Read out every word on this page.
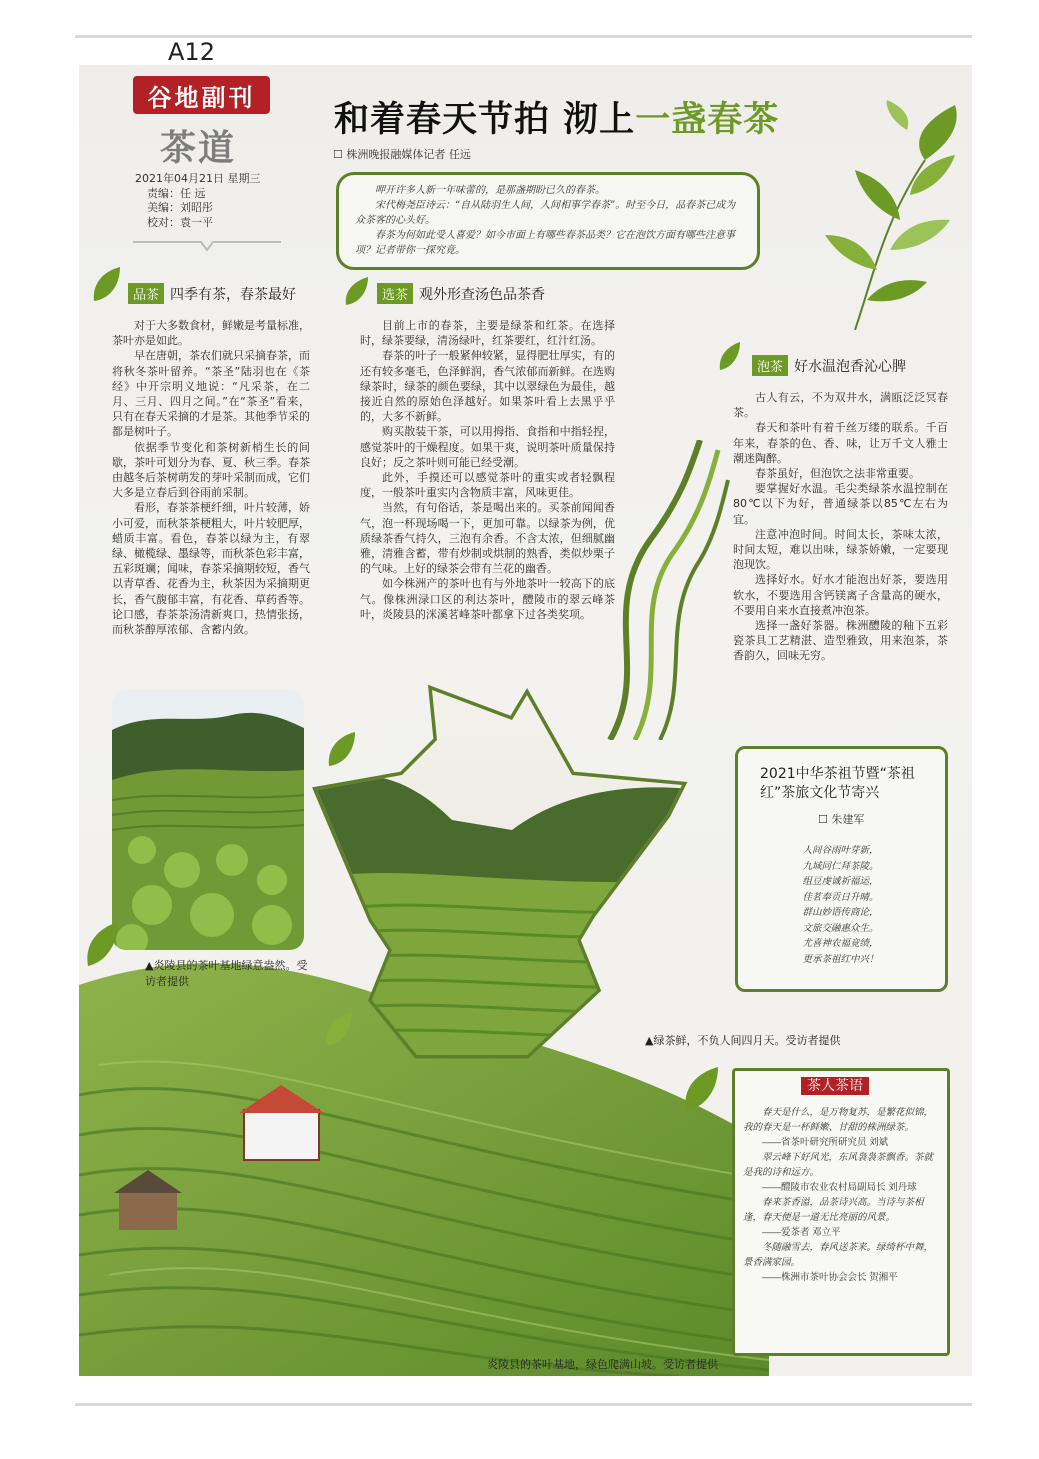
A12
谷地副刊
茶道
2021年04月21日 星期三
责编：任 远
美编：刘昭彤
校对：袁一平
和着春天节拍 沏上一盏春茶
☐ 株洲晚报融媒体记者 任远

呷开许多人新一年味蕾的，是那盏期盼已久的春茶。

宋代梅尧臣诗云：“自从陆羽生人间，人间相事学春茶”。时至今日，品春茶已成为众茶客的心头好。

春茶为何如此受人喜爱？如今市面上有哪些春茶品类？它在泡饮方面有哪些注意事项？记者带你一探究竟。

品茶 四季有茶，春茶最好

对于大多数食材，鲜嫩是考量标准，茶叶亦是如此。

早在唐朝，茶农们就只采摘春茶，而将秋冬茶叶留养。“茶圣”陆羽也在《茶经》中开宗明义地说：“凡采茶，在二月、三月、四月之间。”在“茶圣”看来，只有在春天采摘的才是茶。其他季节采的都是树叶子。

依据季节变化和茶树新梢生长的间歇，茶叶可划分为春、夏、秋三季。春茶由越冬后茶树萌发的芽叶采制而成，它们大多是立春后到谷雨前采制。

看形，春茶茶梗纤细，叶片较薄，娇小可爱，而秋茶茶梗粗大，叶片较肥厚，蜡质丰富。看色，春茶以绿为主，有翠绿、橄榄绿、墨绿等，而秋茶色彩丰富，五彩斑斓；闻味，春茶采摘期较短，香气以青草香、花香为主，秋茶因为采摘期更长，香气馥郁丰富，有花香、草药香等。论口感，春茶茶汤清新爽口，热情张扬，而秋茶醇厚浓郁、含蓄内敛。

选茶 观外形查汤色品茶香

目前上市的春茶，主要是绿茶和红茶。在选择时，绿茶要绿，清汤绿叶，红茶要红，红汁红汤。

春茶的叶子一般紧伸较紧，显得肥壮厚实，有的还有较多毫毛，色泽鲜润，香气浓郁而新鲜。在选购绿茶时，绿茶的颜色要绿，其中以翠绿色为最佳，越接近自然的原始色泽越好。如果茶叶看上去黑乎乎的，大多不新鲜。

购买散装干茶，可以用拇指、食指和中指轻捏，感觉茶叶的干燥程度。如果干爽，说明茶叶质量保持良好；反之茶叶则可能已经受潮。

此外，手摸还可以感觉茶叶的重实或者轻飘程度，一般茶叶重实内含物质丰富，风味更佳。

当然，有句俗话，茶是喝出来的。买茶前闻闻香气，泡一杯现场喝一下，更加可靠。以绿茶为例，优质绿茶香气持久，三泡有余香。不含太浓，但细腻幽雅，清雅含蓄，带有炒制或烘制的熟香，类似炒栗子的气味。上好的绿茶会带有兰花的幽香。

如今株洲产的茶叶也有与外地茶叶一较高下的底气。像株洲渌口区的利达茶叶，醴陵市的翠云峰茶叶，炎陵县的洣溪茗峰茶叶都拿下过各类奖项。

泡茶 好水温泡香沁心脾

古人有云，不为双井水，满瓯泛泛冥春茶。

春天和茶叶有着千丝万缕的联系。千百年来，春茶的色、香、味，让万千文人雅士潮迷陶醉。

春茶虽好，但泡饮之法非常重要。

要掌握好水温。毛尖类绿茶水温控制在80℃以下为好，普通绿茶以85℃左右为宜。

注意冲泡时间。时间太长，茶味太浓，时间太短，难以出味，绿茶娇嫩，一定要现泡现饮。

选择好水。好水才能泡出好茶，要选用软水，不要选用含钙镁离子含量高的硬水，不要用自来水直接煮冲泡茶。

选择一盏好茶器。株洲醴陵的釉下五彩瓷茶具工艺精湛、造型雅致，用来泡茶，茶香韵久，回味无穷。

炎陵县的茶叶基地，绿色爬满山坡。受访者提供
▲炎陵县的茶叶基地绿意盎然。受访者提供
▲绿茶鲜，不负人间四月天。受访者提供
2021中华茶祖节暨“茶祖红”茶旅文化节寄兴
☐ 朱建军
人间谷雨叶芽新，
九域同仁拜茶陵。
组豆虔诚祈福运，
佳茗奉贡日升晴。
群山妙语传商论，
文旅交融惠众生。
尤喜神农福竞绩，
更承茶祖红中兴！
茶人茶语

春天是什么，是万物复苏，是繁花似锦，我的春天是一杯鲜嫩、甘甜的株洲绿茶。

——省茶叶研究所研究员 刘斌

翠云峰下好风光，东风袅袅茶飘香。茶就是我的诗和远方。

——醴陵市农业农村局副局长 刘丹球

春来茶香溢，品茶诗兴高。当诗与茶相逢，春天便是一道无比亮丽的风景。

——爱茶者 邓立平

冬随融雪去，春风送茶来。绿绮杯中舞，景香满家园。

——株洲市茶叶协会会长 贺湘平
